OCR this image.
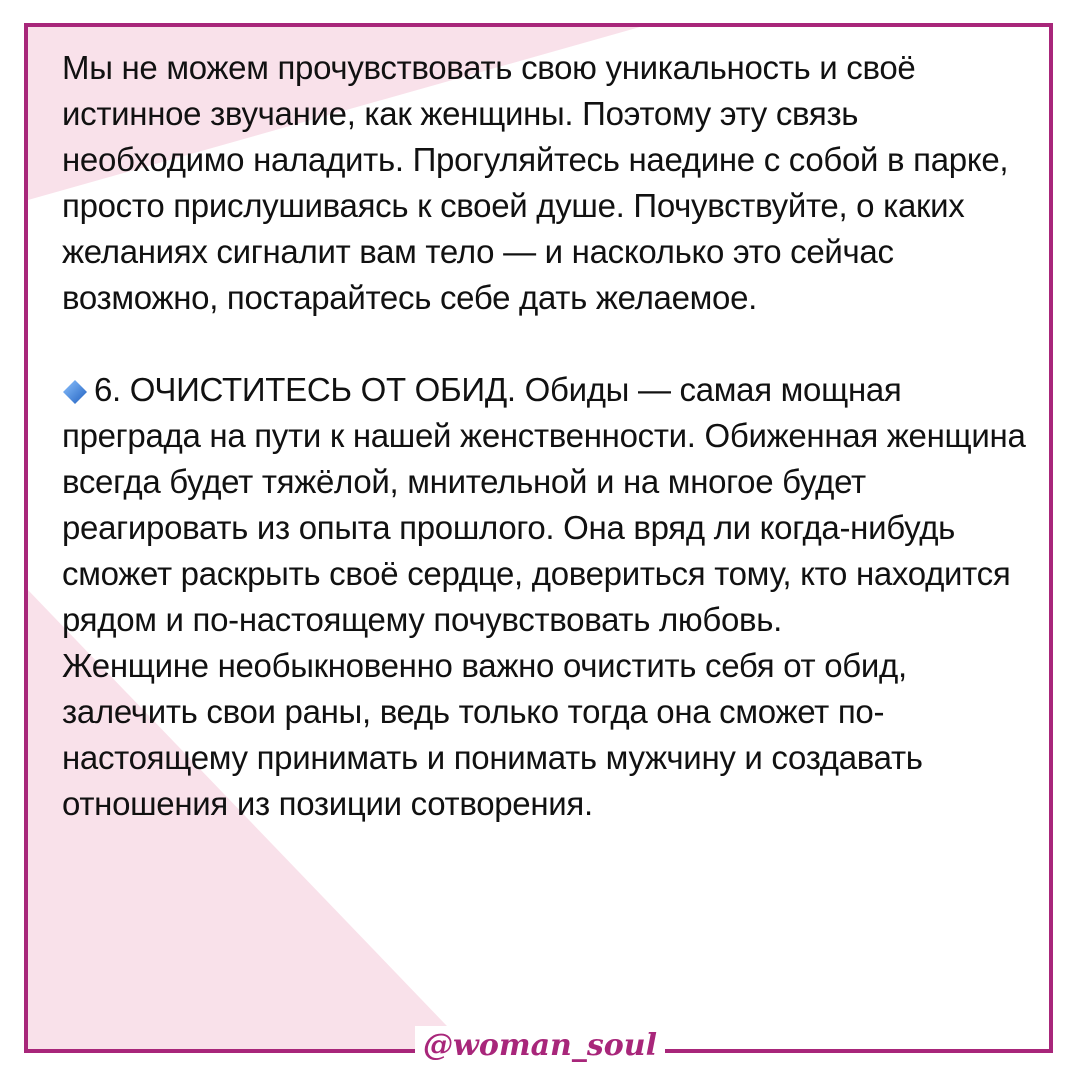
Мы не можем прочувствовать свою уникальность и своё истинное звучание, как женщины. Поэтому эту связь необходимо наладить. Прогуляйтесь наедине с собой в парке, просто прислушиваясь к своей душе. Почувствуйте, о каких желаниях сигналит вам тело — и насколько это сейчас возможно, постарайтесь себе дать желаемое.

6. ОЧИСТИТЕСЬ ОТ ОБИД. Обиды — самая мощная преграда на пути к нашей женственности. Обиженная женщина всегда будет тяжёлой, мнительной и на многое будет реагировать из опыта прошлого. Она вряд ли когда-нибудь сможет раскрыть своё сердце, довериться тому, кто находится рядом и по-настоящему почувствовать любовь.

Женщине необыкновенно важно очистить себя от обид, залечить свои раны, ведь только тогда она сможет по-настоящему принимать и понимать мужчину и создавать отношения из позиции сотворения.

@woman_soul
